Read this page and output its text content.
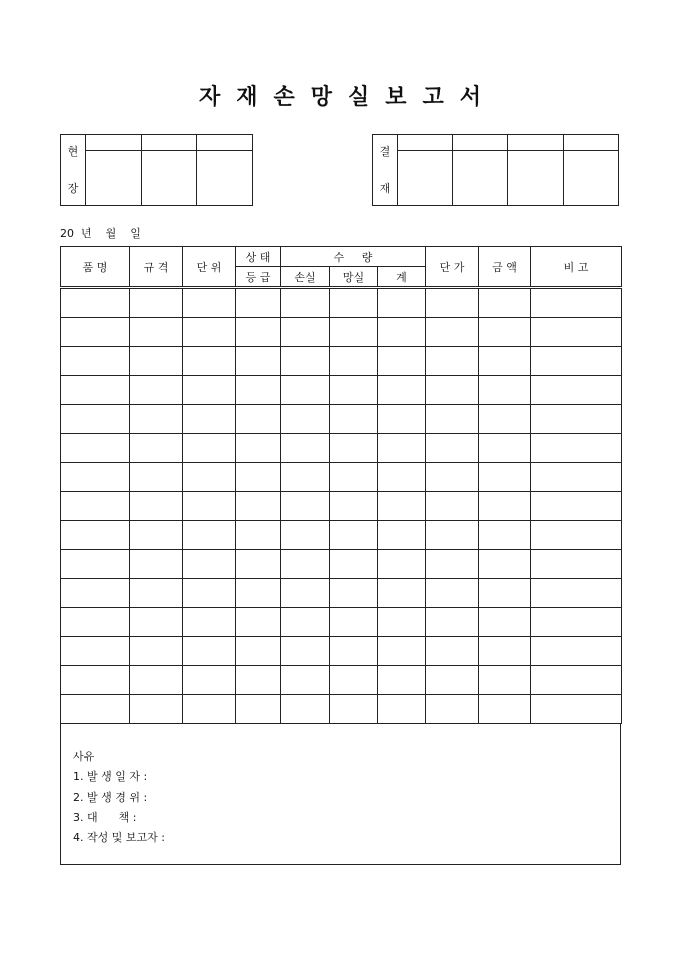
자 재 손 망 실 보 고 서
현
장			

결
재				

20  년    월    일
품 명	규 격	단 위	상 태	수     량			단 가	금 액	비 고
			등 급	손실	망실	계			

사유
1. 발 생 일 자 :
2. 발 생 경 위 :
3. 대      책 :
4. 작성 및 보고자 :
